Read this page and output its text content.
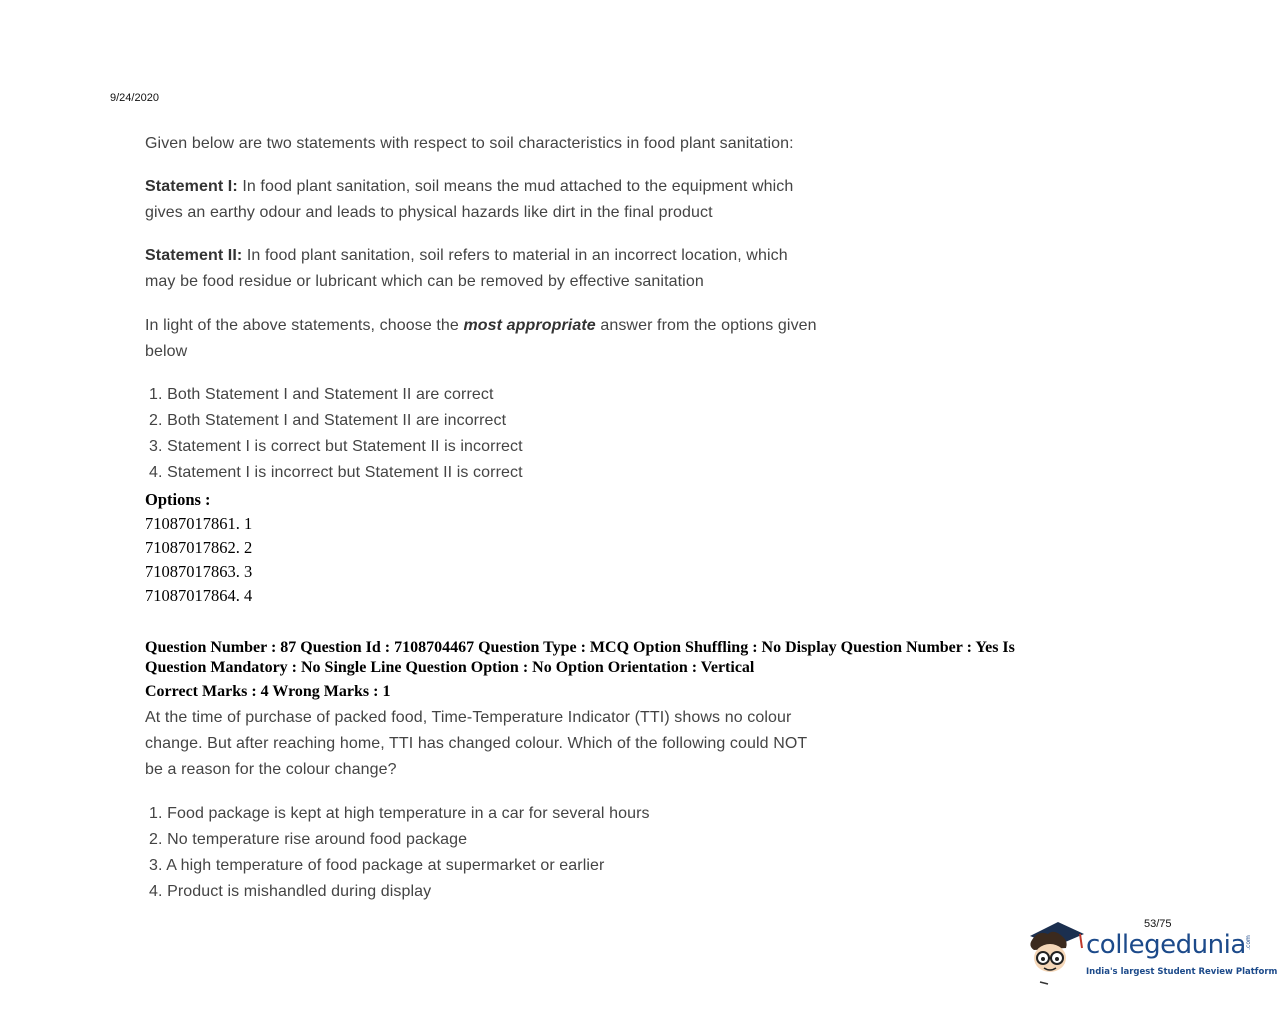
9/24/2020
Given below are two statements with respect to soil characteristics in food plant sanitation:
Statement I: In food plant sanitation, soil means the mud attached to the equipment which
gives an earthy odour and leads to physical hazards like dirt in the final product
Statement II: In food plant sanitation, soil refers to material in an incorrect location, which
may be food residue or lubricant which can be removed by effective sanitation
In light of the above statements, choose the most appropriate answer from the options given
below
1. Both Statement I and Statement II are correct
2. Both Statement I and Statement II are incorrect
3. Statement I is correct but Statement II is incorrect
4. Statement I is incorrect but Statement II is correct
Options :
71087017861. 1
71087017862. 2
71087017863. 3
71087017864. 4
Question Number : 87 Question Id : 7108704467 Question Type : MCQ Option Shuffling : No Display Question Number : Yes Is
Question Mandatory : No Single Line Question Option : No Option Orientation : Vertical
Correct Marks : 4 Wrong Marks : 1
At the time of purchase of packed food, Time-Temperature Indicator (TTI) shows no colour
change. But after reaching home, TTI has changed colour. Which of the following could NOT
be a reason for the colour change?
1. Food package is kept at high temperature in a car for several hours
2. No temperature rise around food package
3. A high temperature of food package at supermarket or earlier
4. Product is mishandled during display
53/75
collegedunia .com
India's largest Student Review Platform
